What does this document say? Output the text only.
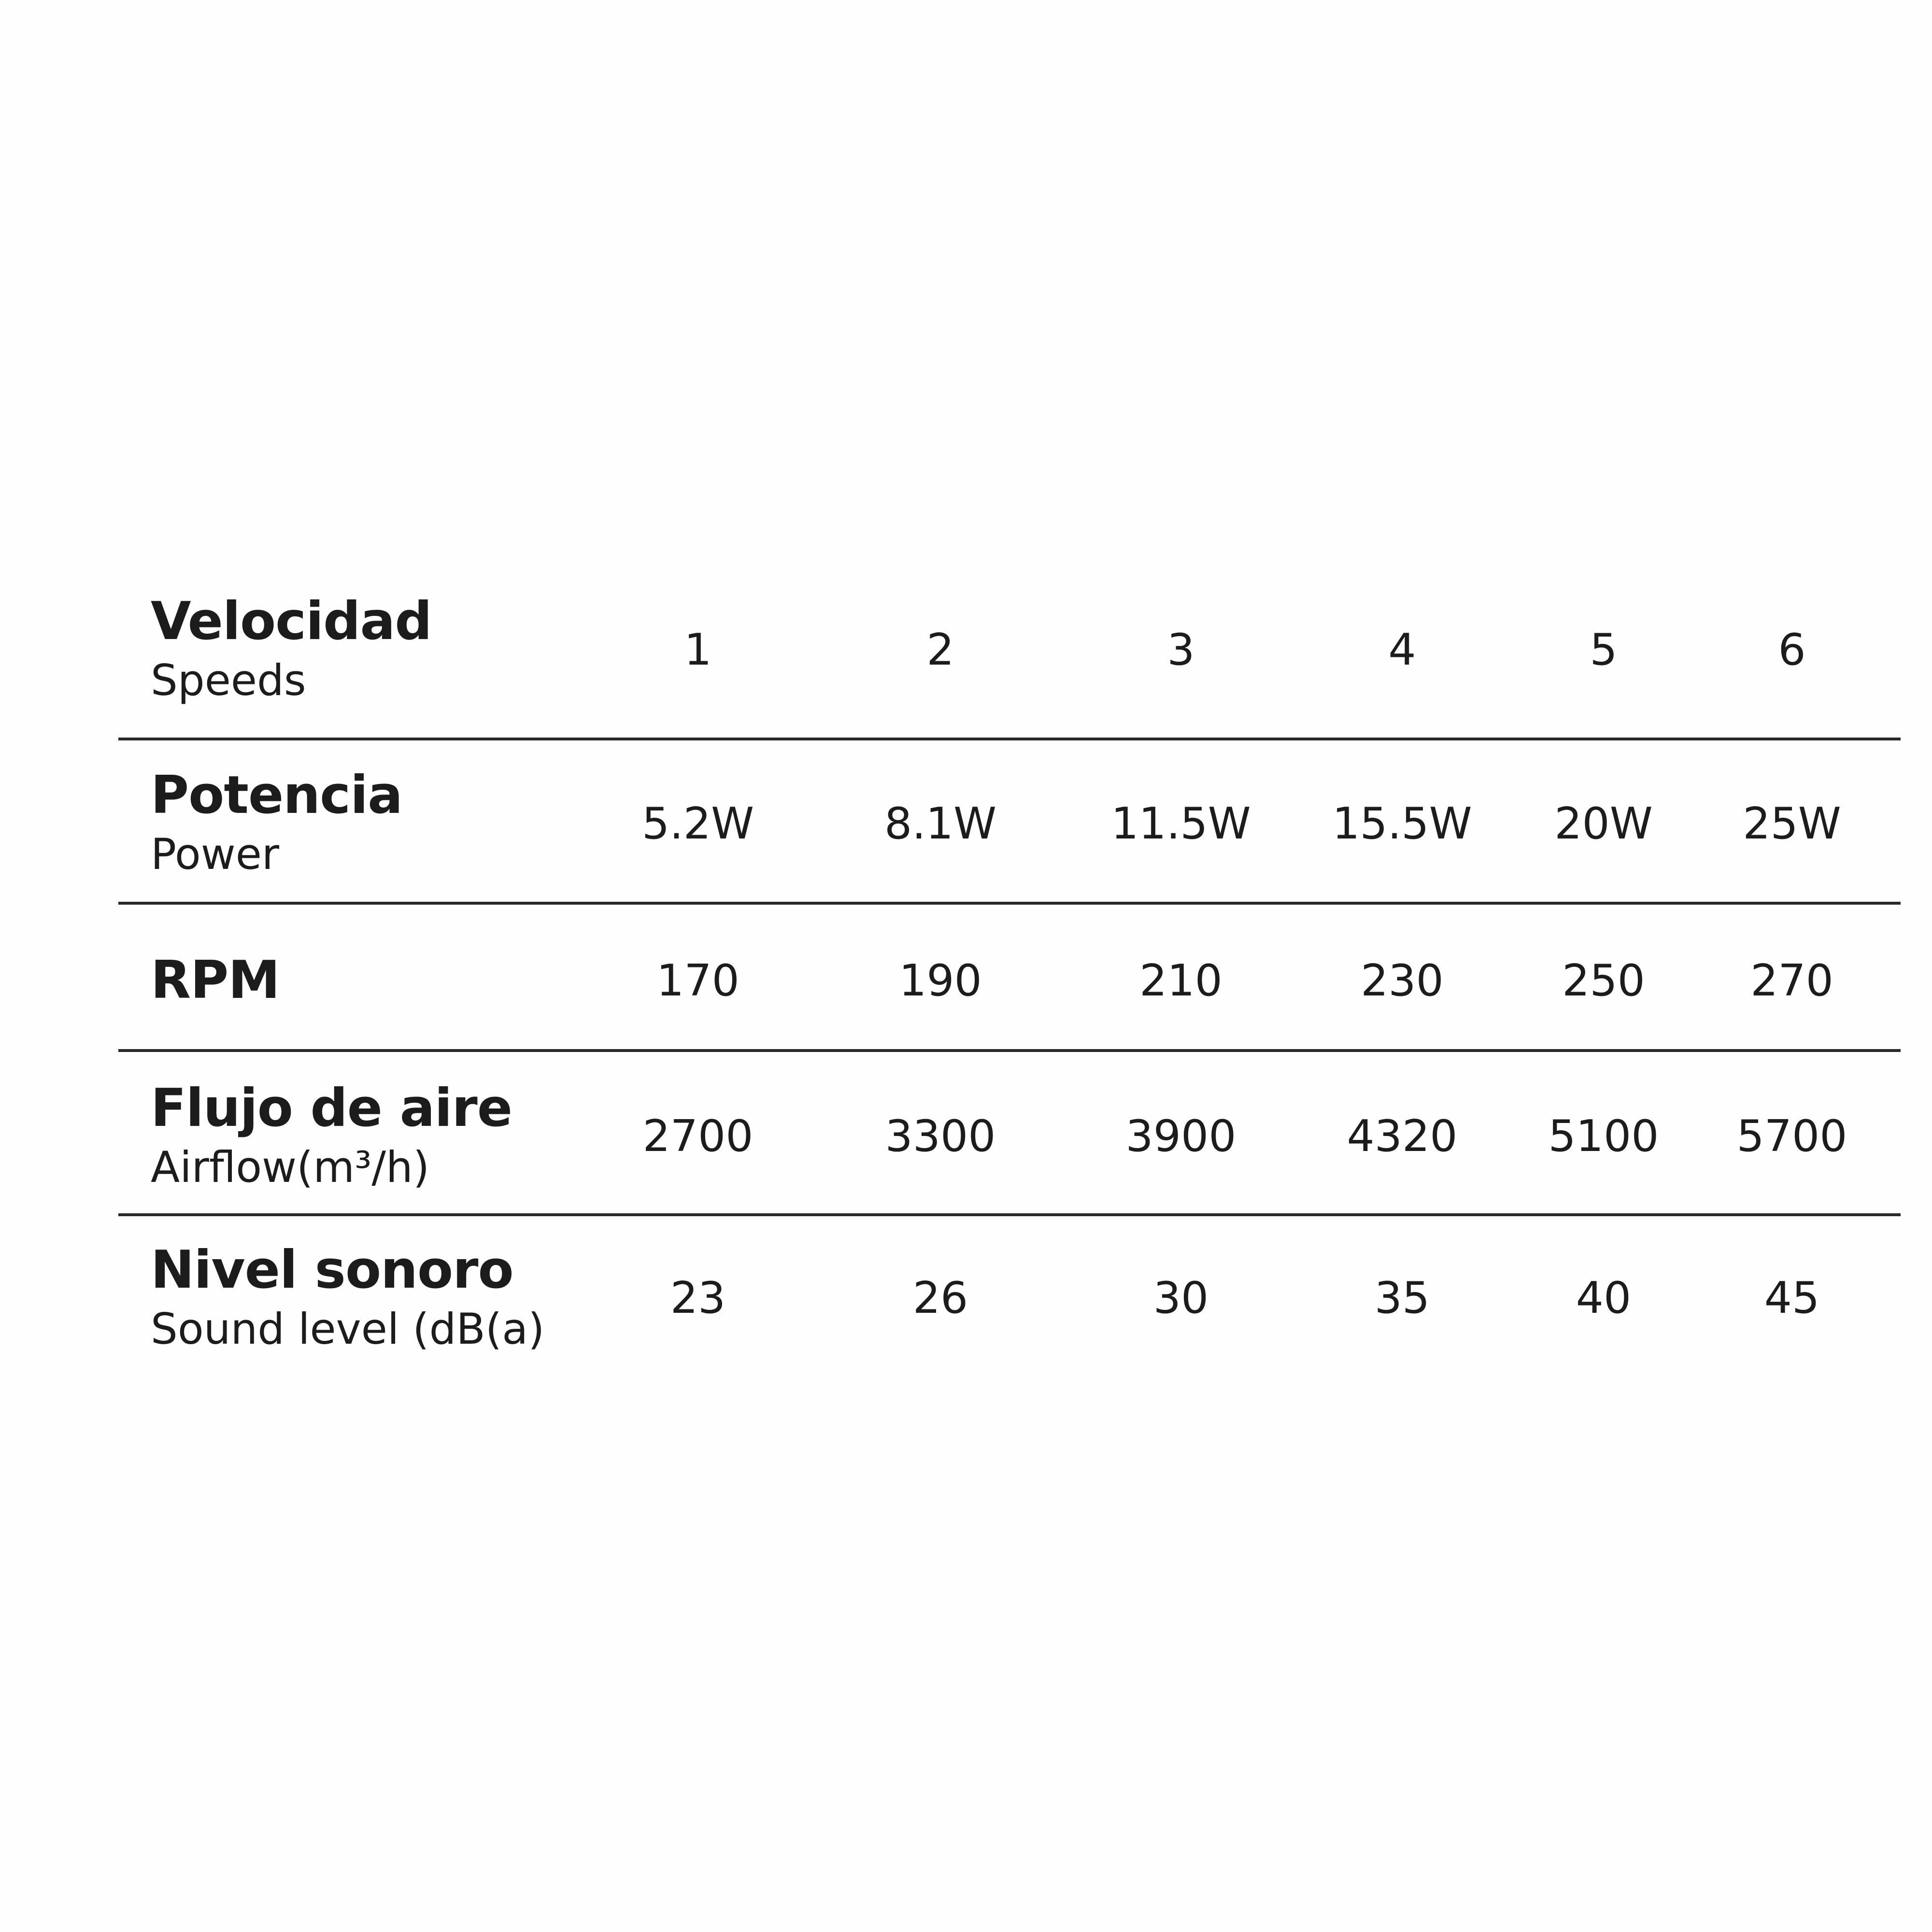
Velocidad
Speeds
1	2	3	4	5	6
Potencia
Power
5.2W	8.1W	11.5W	15.5W	20W	25W
RPM	170	190	210	230	250	270
Flujo de aire
Airflow(m³/h)
2700	3300	3900	4320	5100	5700
Nivel sonoro
Sound level (dB(a)
23	26	30	35	40	45
